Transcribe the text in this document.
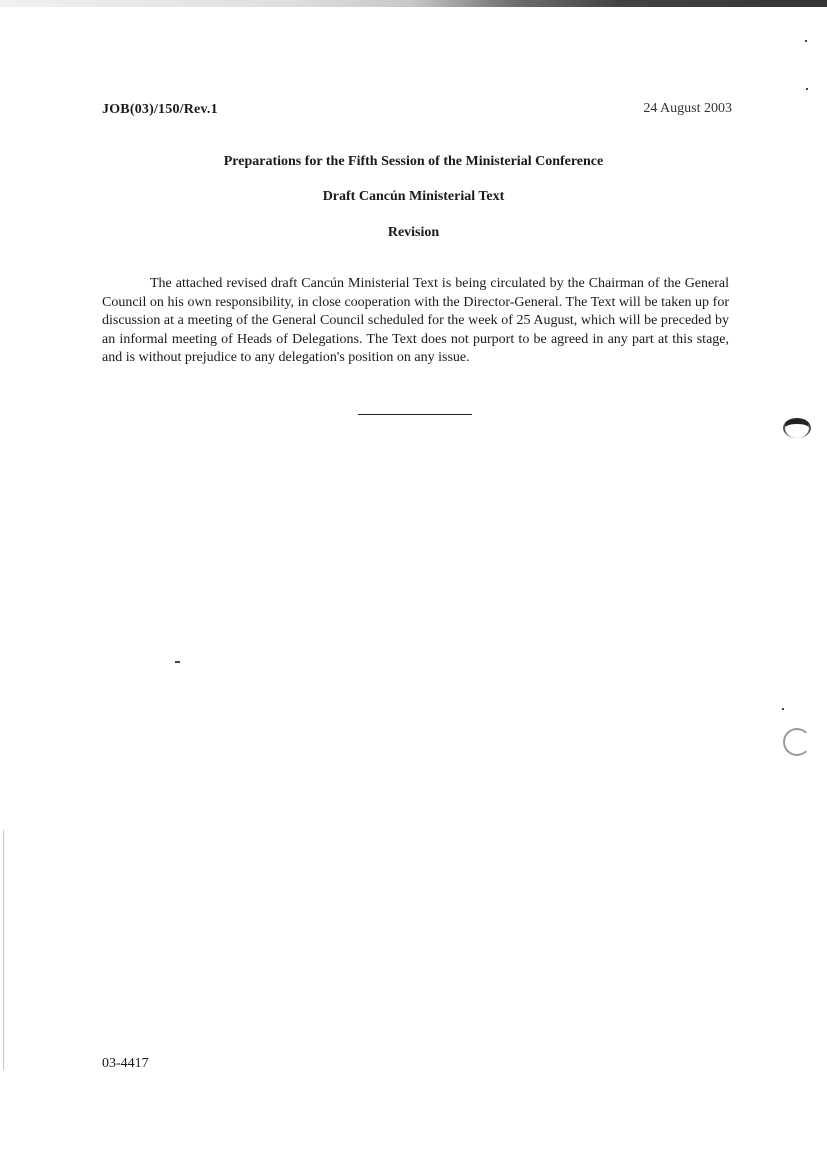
JOB(03)/150/Rev.1	24 August 2003
Preparations for the Fifth Session of the Ministerial Conference
Draft Cancún Ministerial Text
Revision

The attached revised draft Cancún Ministerial Text is being circulated by the Chairman of the General Council on his own responsibility, in close cooperation with the Director-General. The Text will be taken up for discussion at a meeting of the General Council scheduled for the week of 25 August, which will be preceded by an informal meeting of Heads of Delegations. The Text does not purport to be agreed in any part at this stage, and is without prejudice to any delegation's position on any issue.

03-4417
